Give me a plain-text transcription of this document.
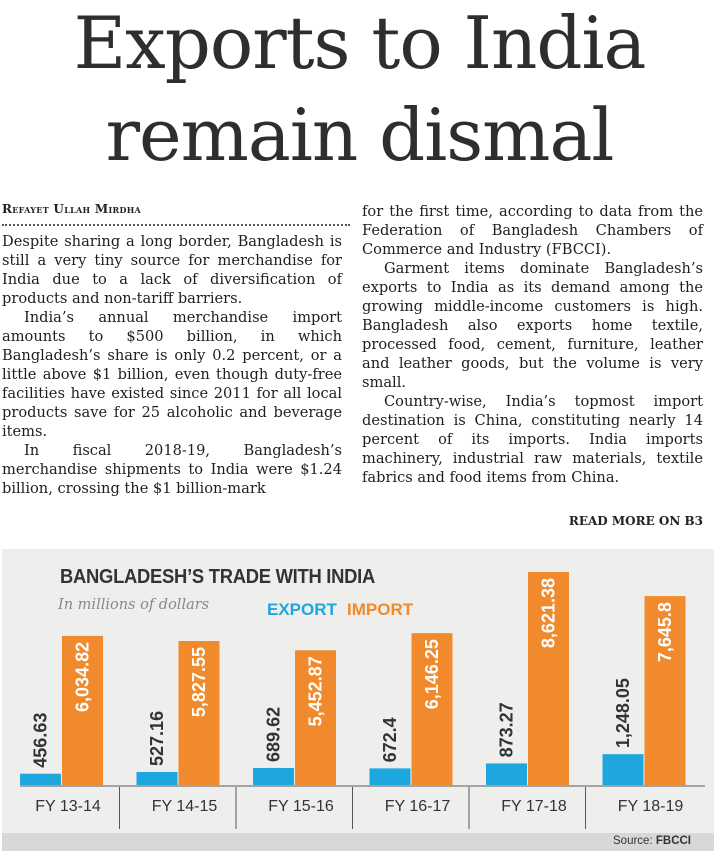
Exports to India
remain dismal
Refayet Ullah Mirdha

Despite sharing a long border, Bangladesh is still a very tiny source for merchandise for India due to a lack of diversification of products and non-tariff barriers.

India’s annual merchandise import amounts to $500 billion, in which Bangladesh’s share is only 0.2 percent, or a little above $1 billion, even though duty-free facilities have existed since 2011 for all local products save for 25 alcoholic and beverage items.

In fiscal 2018-19, Bangladesh’s merchandise shipments to India were $1.24 billion, crossing the $1 billion-mark

for the first time, according to data from the Federation of Bangladesh Chambers of Commerce and Industry (FBCCI).

Garment items dominate Bangladesh’s exports to India as its demand among the growing middle-income customers is high. Bangladesh also exports home textile, processed food, cement, furniture, leather and leather goods, but the volume is very small.

Country-wise, India’s topmost import destination is China, constituting nearly 14 percent of its imports. India imports machinery, industrial raw materials, textile fabrics and food items from China.

READ MORE ON B3
BANGLADESH’S TRADE WITH INDIA
In millions of dollars	EXPORT IMPORT
456.63
6,034.82
FY 13-14
527.16
5,827.55
FY 14-15
689.62
5,452.87
FY 15-16
672.4
6,146.25
FY 16-17
873.27
8,621.38
FY 17-18
1,248.05
7,645.8
FY 18-19
Source: FBCCI
